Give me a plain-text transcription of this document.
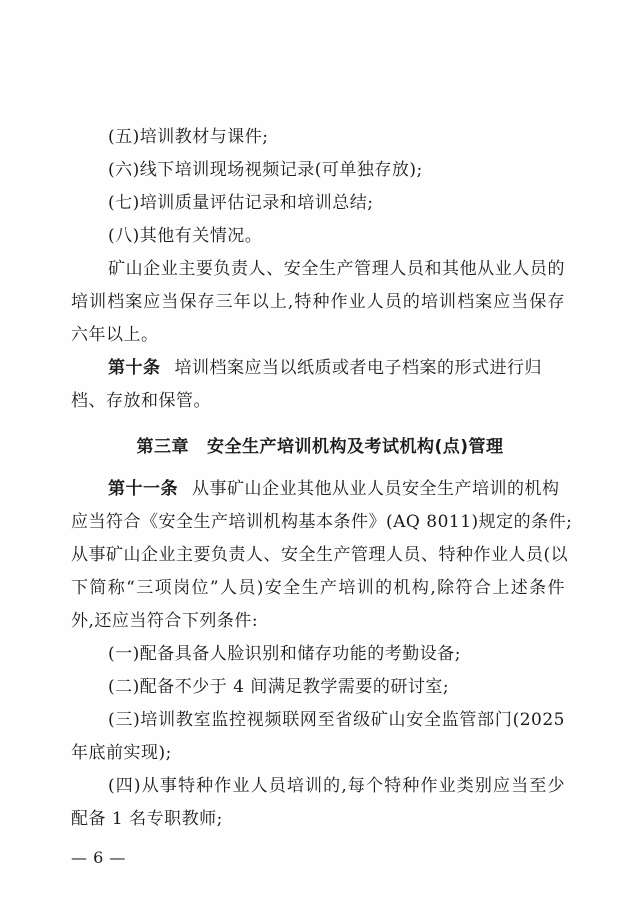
(五)培训教材与课件;
(六)线下培训现场视频记录(可单独存放);
(七)培训质量评估记录和培训总结;
(八)其他有关情况。
矿山企业主要负责人、安全生产管理人员和其他从业人员的
培训档案应当保存三年以上,特种作业人员的培训档案应当保存
六年以上。
第十条 培训档案应当以纸质或者电子档案的形式进行归
档、存放和保管。
第三章 安全生产培训机构及考试机构(点)管理
第十一条 从事矿山企业其他从业人员安全生产培训的机构
应当符合《安全生产培训机构基本条件》(AQ 8011)规定的条件;
从事矿山企业主要负责人、安全生产管理人员、特种作业人员(以
下简称“三项岗位”人员)安全生产培训的机构,除符合上述条件
外,还应当符合下列条件:
(一)配备具备人脸识别和储存功能的考勤设备;
(二)配备不少于 4 间满足教学需要的研讨室;
(三)培训教室监控视频联网至省级矿山安全监管部门(2025
年底前实现);
(四)从事特种作业人员培训的,每个特种作业类别应当至少
配备 1 名专职教师;
— 6 —
